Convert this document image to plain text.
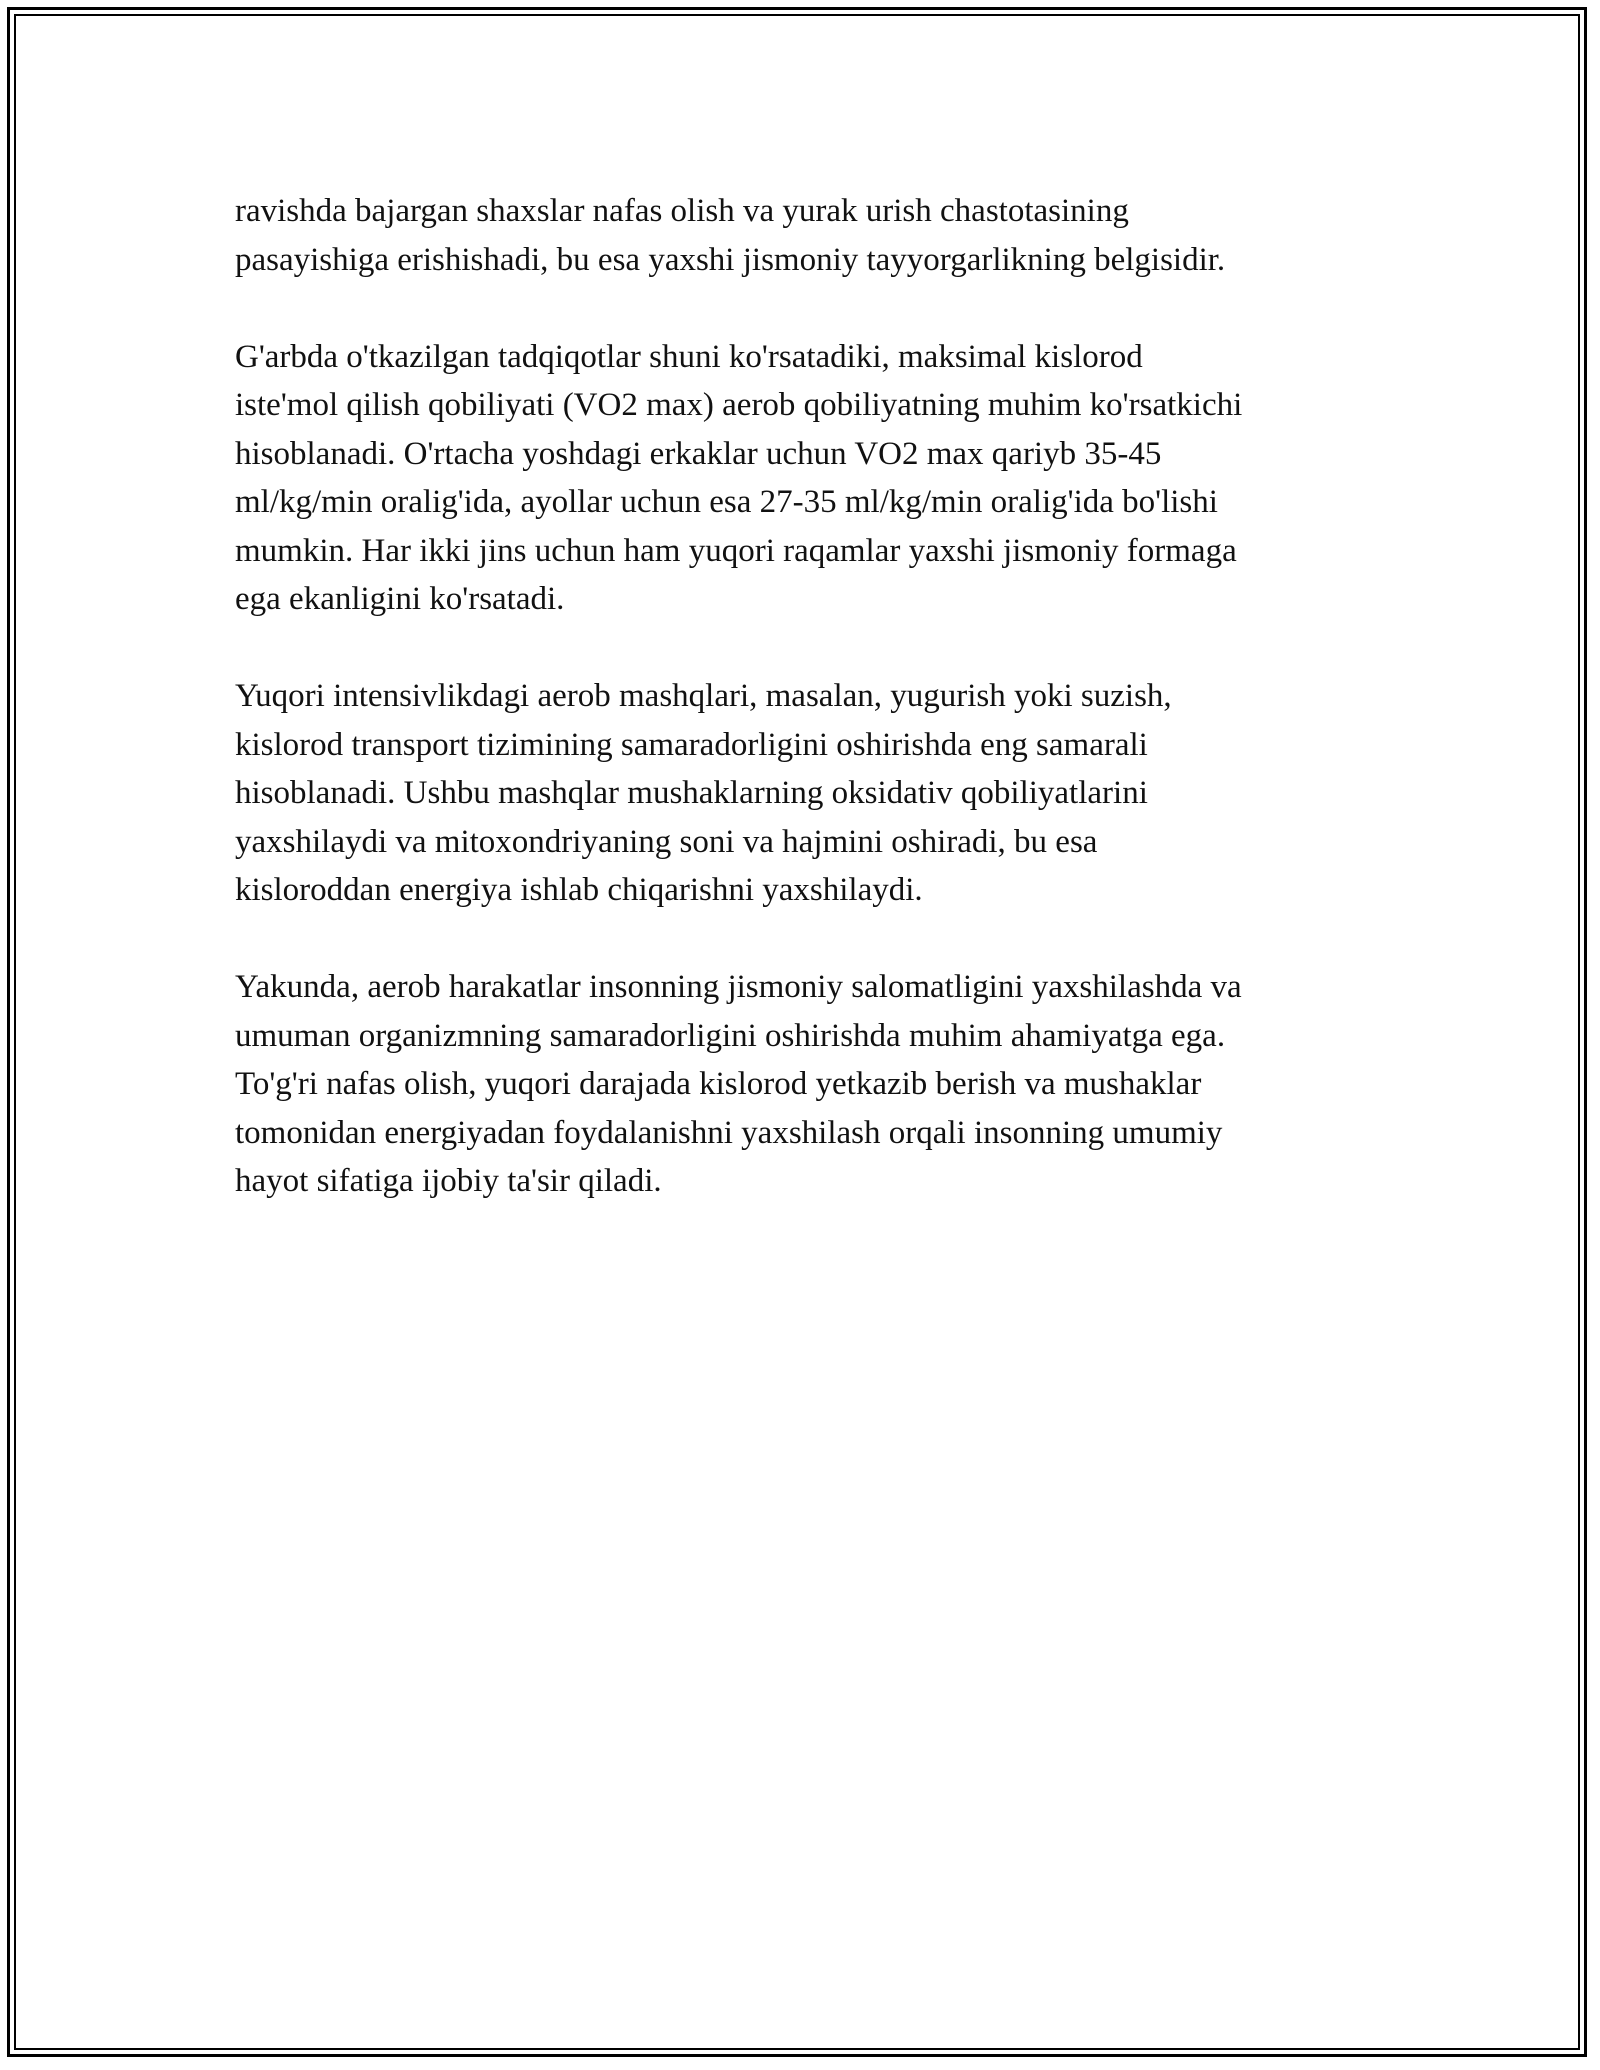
ravishda bajargan shaxslar nafas olish va yurak urish chastotasining
pasayishiga erishishadi, bu esa yaxshi jismoniy tayyorgarlikning belgisidir.

G'arbda o'tkazilgan tadqiqotlar shuni ko'rsatadiki, maksimal kislorod
iste'mol qilish qobiliyati (VO2 max) aerob qobiliyatning muhim ko'rsatkichi
hisoblanadi. O'rtacha yoshdagi erkaklar uchun VO2 max qariyb 35-45
ml/kg/min oralig'ida, ayollar uchun esa 27-35 ml/kg/min oralig'ida bo'lishi
mumkin. Har ikki jins uchun ham yuqori raqamlar yaxshi jismoniy formaga
ega ekanligini ko'rsatadi.

Yuqori intensivlikdagi aerob mashqlari, masalan, yugurish yoki suzish,
kislorod transport tizimining samaradorligini oshirishda eng samarali
hisoblanadi. Ushbu mashqlar mushaklarning oksidativ qobiliyatlarini
yaxshilaydi va mitoxondriyaning soni va hajmini oshiradi, bu esa
kisloroddan energiya ishlab chiqarishni yaxshilaydi.

Yakunda, aerob harakatlar insonning jismoniy salomatligini yaxshilashda va
umuman organizmning samaradorligini oshirishda muhim ahamiyatga ega.
To'g'ri nafas olish, yuqori darajada kislorod yetkazib berish va mushaklar
tomonidan energiyadan foydalanishni yaxshilash orqali insonning umumiy
hayot sifatiga ijobiy ta'sir qiladi.
